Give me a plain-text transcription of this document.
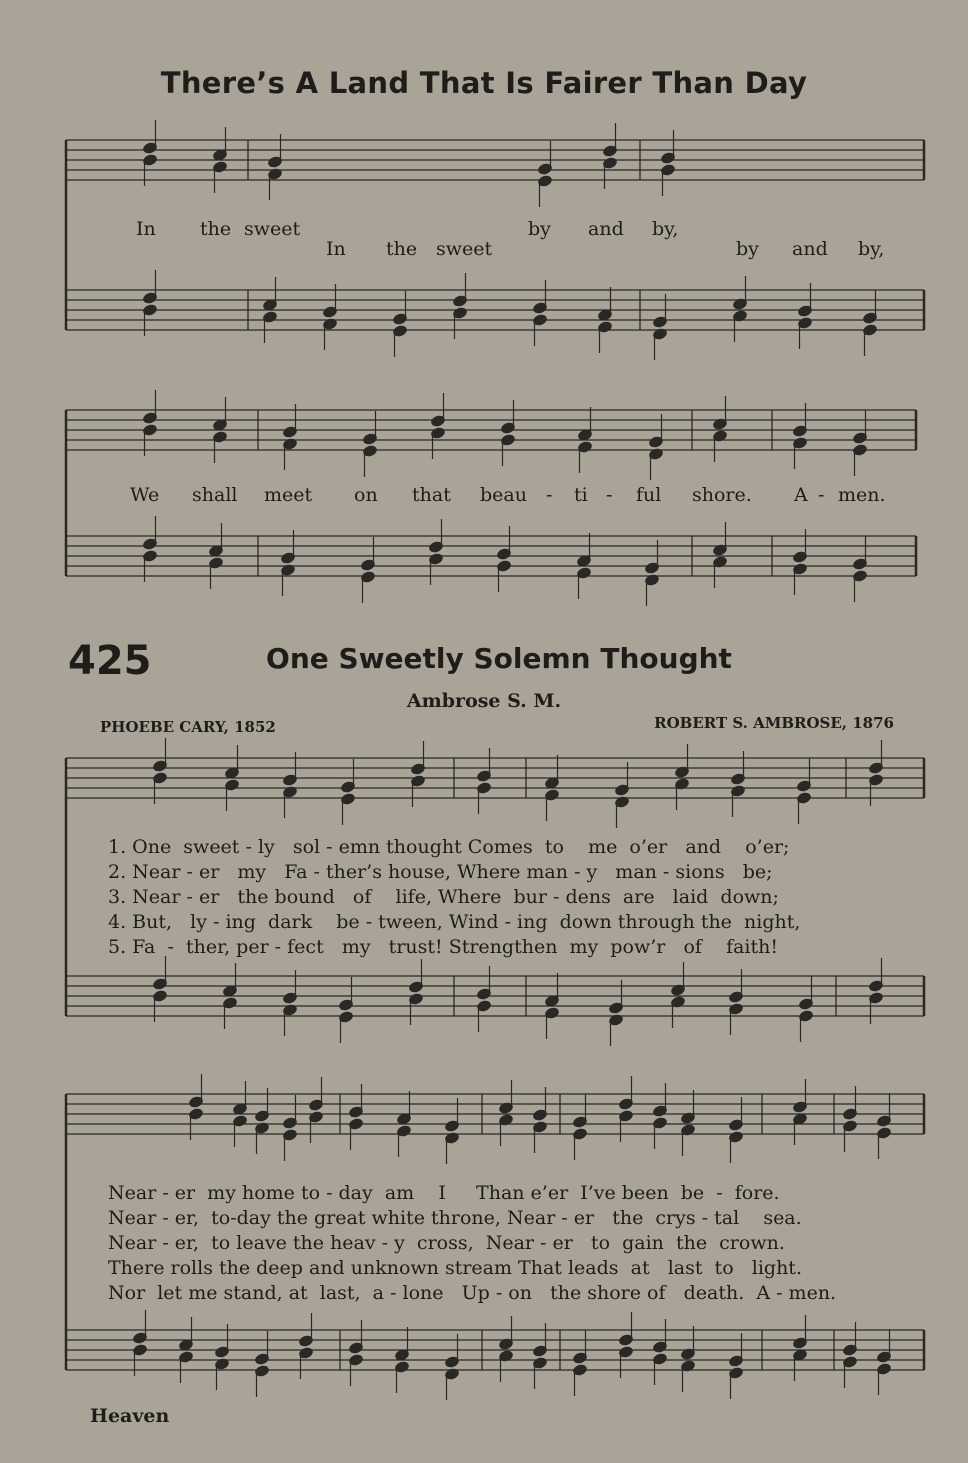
There’s A Land That Is Fairer Than Day
425	One Sweetly Solemn Thought
Ambrose S. M.
PHOEBE CARY, 1852	ROBERT S. AMBROSE, 1876
Heaven
𝄞 ♯
𝄢 ♯
𝄞 ♯
𝄢 ♯
𝄞 ♯
𝄢 ♯
𝄞 ♯
𝄢 ♯
4
4
4
4
In the sweet	by and by,
In the sweet	by and by,
We shall meet on that beau - ti - ful shore. A - men.
1. One  sweet - ly   sol - emn thought Comes  to    me  o’er   and    o’er;
2. Near - er   my   Fa - ther’s house, Where man - y   man - sions   be;
3. Near - er   the bound   of    life, Where  bur - dens  are   laid  down;
4. But,   ly - ing  dark    be - tween, Wind - ing  down through the  night,
5. Fa  -  ther, per - fect   my   trust! Strengthen  my  pow’r   of    faith!
Near - er  my home to - day  am    I     Than e’er  I’ve been  be  -  fore.
Near - er,  to-day the great white throne, Near - er   the  crys - tal    sea.
Near - er,  to leave the heav - y  cross,  Near - er   to  gain  the  crown.
There rolls the deep and unknown stream That leads  at   last  to   light.
Nor  let me stand, at  last,  a - lone   Up - on   the shore of   death.  A - men.
